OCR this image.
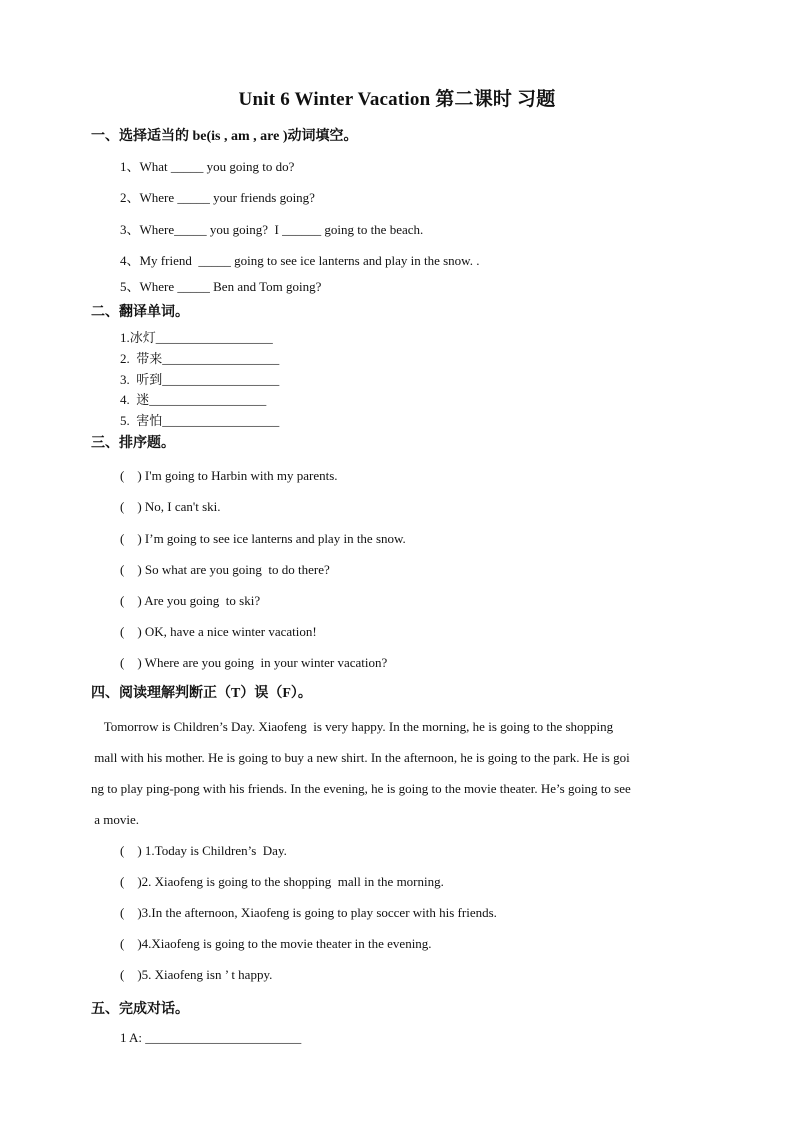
Unit 6 Winter Vacation 第二课时 习题
一、选择适当的 be(is , am , are )动词填空。
1、What _____ you going to do?
2、Where _____ your friends going?
3、Where_____ you going?  I ______ going to the beach.
4、My friend  _____ going to see ice lanterns and play in the snow. .
5、Where _____ Ben and Tom going?
二、翻译单词。
1.冰灯__________________
2.  带来__________________
3.  听到__________________
4.  迷__________________
5.  害怕__________________
三、排序题。
(    ) I'm going to Harbin with my parents.
(    ) No, I can't ski.
(    ) I’m going to see ice lanterns and play in the snow.
(    ) So what are you going  to do there?
(    ) Are you going  to ski?
(    ) OK, have a nice winter vacation!
(    ) Where are you going  in your winter vacation?
四、阅读理解判断正（T）误（F）。
Tomorrow is Children’s Day. Xiaofeng  is very happy. In the morning, he is going to the shopping
mall with his mother. He is going to buy a new shirt. In the afternoon, he is going to the park. He is goi
ng to play ping-pong with his friends. In the evening, he is going to the movie theater. He’s going to see
a movie.
(    ) 1.Today is Children’s  Day.
(    )2. Xiaofeng is going to the shopping  mall in the morning.
(    )3.In the afternoon, Xiaofeng is going to play soccer with his friends.
(    )4.Xiaofeng is going to the movie theater in the evening.
(    )5. Xiaofeng isn ’ t happy.
五、完成对话。
1 A: ________________________
